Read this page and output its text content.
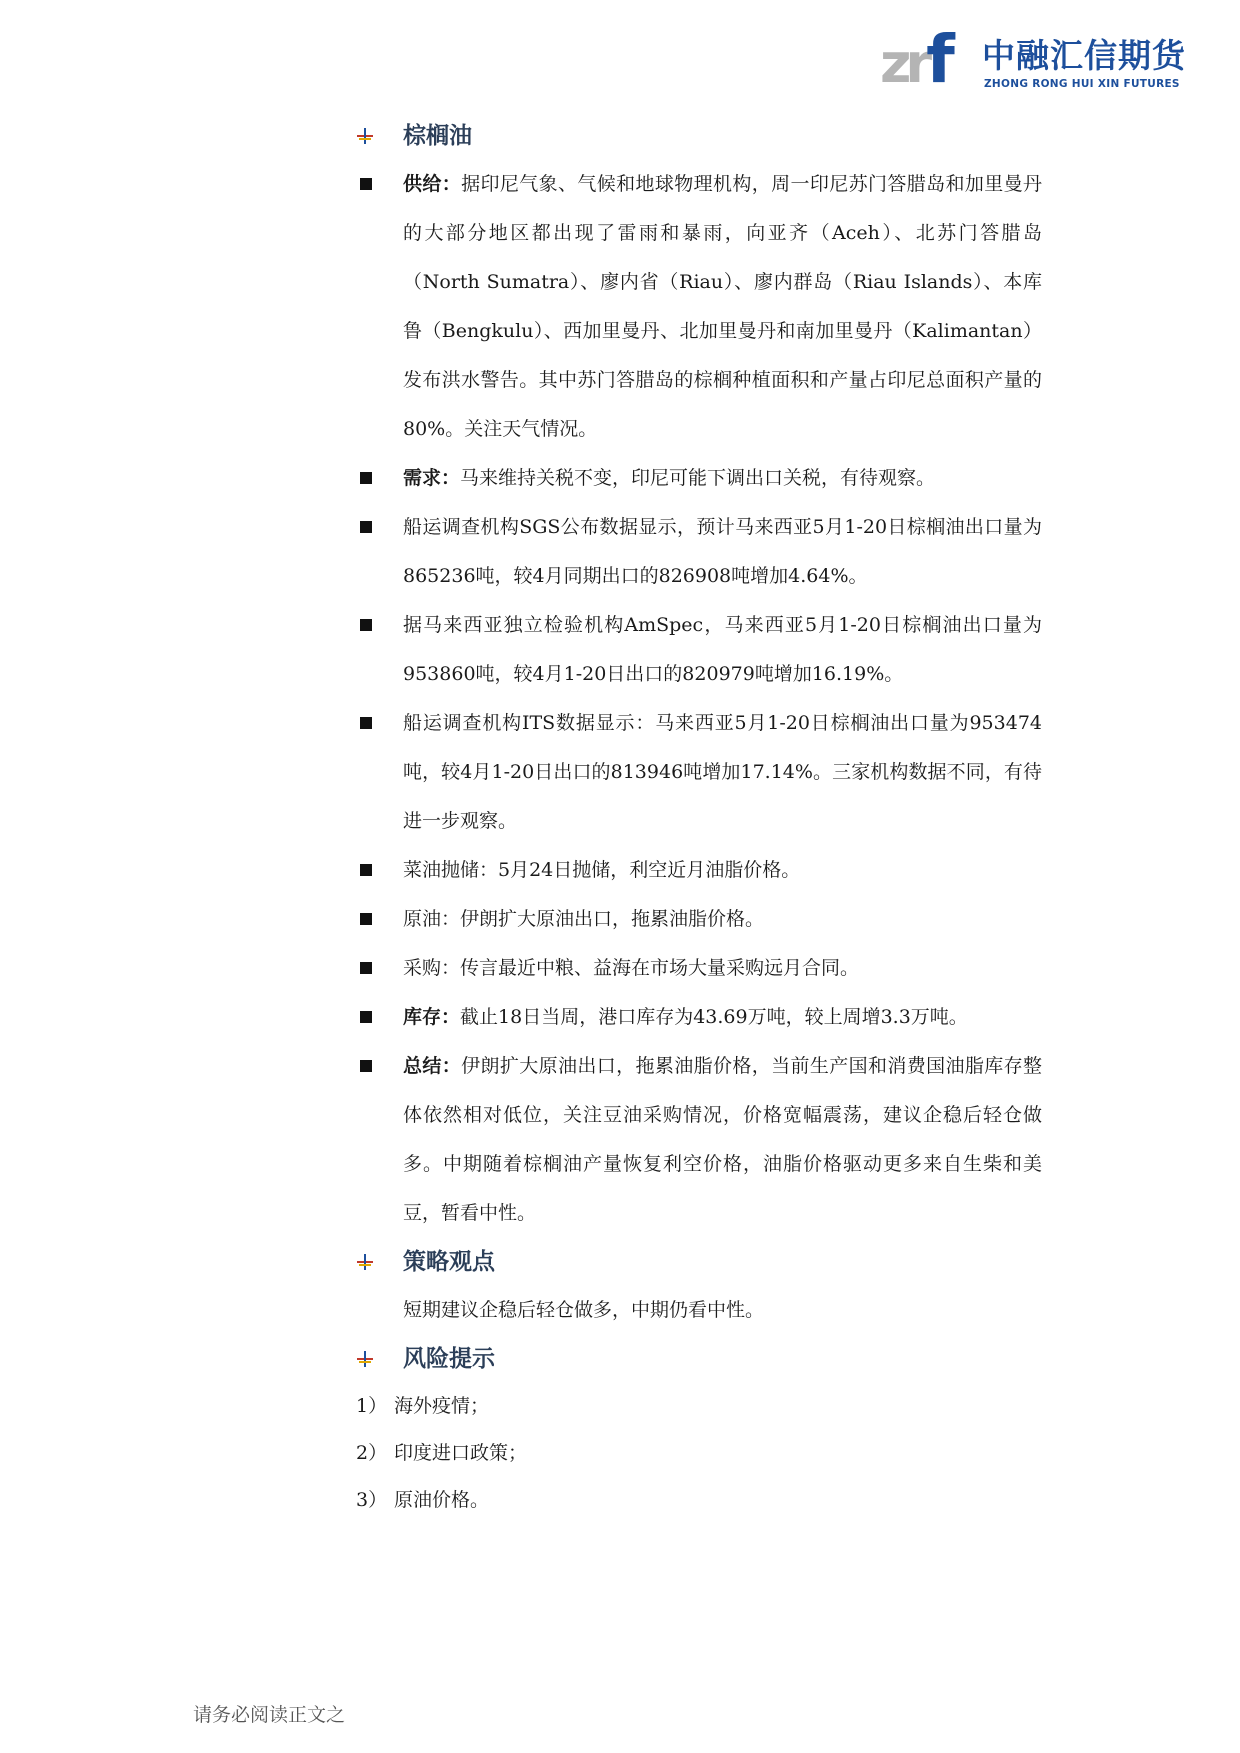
zrf	中融汇信期货
ZHONG RONG HUI XIN FUTURES
棕榈油
供给：据印尼气象、气候和地球物理机构，周一印尼苏门答腊岛和加里曼丹的大部分地区都出现了雷雨和暴雨，向亚齐（Aceh）、北苏门答腊岛（North Sumatra）、廖内省（Riau）、廖内群岛（Riau Islands）、本库鲁（Bengkulu）、西加里曼丹、北加里曼丹和南加里曼丹（Kalimantan）发布洪水警告。其中苏门答腊岛的棕榈种植面积和产量占印尼总面积产量的80%。关注天气情况。
需求：马来维持关税不变，印尼可能下调出口关税，有待观察。
船运调查机构SGS公布数据显示，预计马来西亚5月1-20日棕榈油出口量为865236吨，较4月同期出口的826908吨增加4.64%。
据马来西亚独立检验机构AmSpec，马来西亚5月1-20日棕榈油出口量为953860吨，较4月1-20日出口的820979吨增加16.19%。
船运调查机构ITS数据显示：马来西亚5月1-20日棕榈油出口量为953474吨，较4月1-20日出口的813946吨增加17.14%。三家机构数据不同，有待进一步观察。
菜油抛储：5月24日抛储，利空近月油脂价格。
原油：伊朗扩大原油出口，拖累油脂价格。
采购：传言最近中粮、益海在市场大量采购远月合同。
库存：截止18日当周，港口库存为43.69万吨，较上周增3.3万吨。
总结：伊朗扩大原油出口，拖累油脂价格，当前生产国和消费国油脂库存整体依然相对低位，关注豆油采购情况，价格宽幅震荡，建议企稳后轻仓做多。中期随着棕榈油产量恢复利空价格，油脂价格驱动更多来自生柴和美豆，暂看中性。
策略观点
短期建议企稳后轻仓做多，中期仍看中性。
风险提示
1） 海外疫情；
2） 印度进口政策；
3） 原油价格。
请务必阅读正文之
